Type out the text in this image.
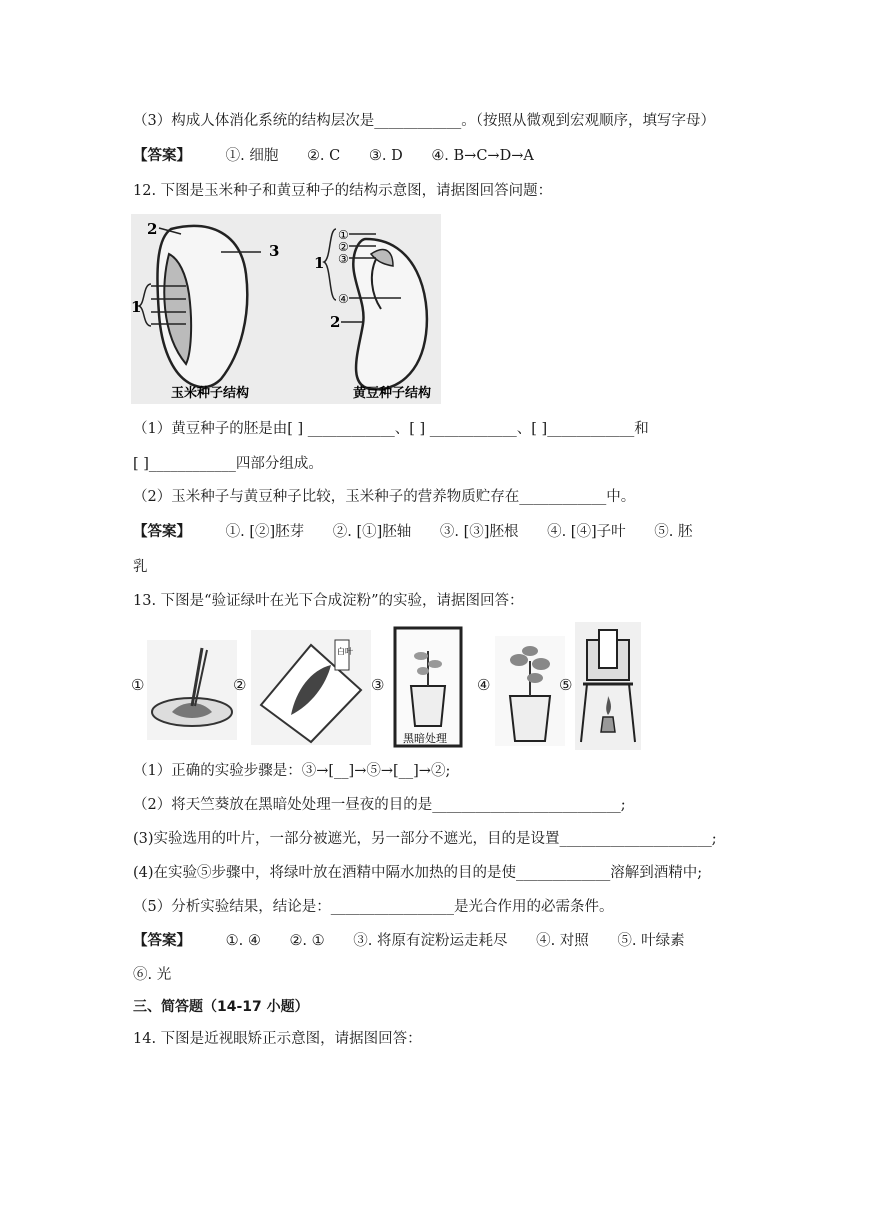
（3）构成人体消化系统的结构层次是____________。（按照从微观到宏观顺序，填写字母）
【答案】 ①. 细胞 ②. C ③. D ④. B→C→D→A
12. 下图是玉米种子和黄豆种子的结构示意图，请据图回答问题：
2
3
1
①
②
③
④
1
2
玉米种子结构	黄豆种子结构
（1）黄豆种子的胚是由[ ] ____________、[ ] ____________、[ ]____________和
[ ]____________四部分组成。
（2）玉米种子与黄豆种子比较，玉米种子的营养物质贮存在____________中。
【答案】 ①. [②]胚芽 ②. [①]胚轴 ③. [③]胚根 ④. [④]子叶 ⑤. 胚
乳
13. 下图是“验证绿叶在光下合成淀粉”的实验，请据图回答：
①	②
白叶
③
黑暗处理
④	⑤
（1）正确的实验步骤是：③→[__]→⑤→[__]→②;
（2）将天竺葵放在黑暗处处理一昼夜的目的是__________________________;
(3)实验选用的叶片，一部分被遮光，另一部分不遮光，目的是设置_____________________;
(4)在实验⑤步骤中，将绿叶放在酒精中隔水加热的目的是使_____________溶解到酒精中;
（5）分析实验结果，结论是：_________________是光合作用的必需条件。
【答案】 ①. ④ ②. ① ③. 将原有淀粉运走耗尽 ④. 对照 ⑤. 叶绿素
⑥. 光
三、简答题（14-17 小题）
14. 下图是近视眼矫正示意图，请据图回答：
